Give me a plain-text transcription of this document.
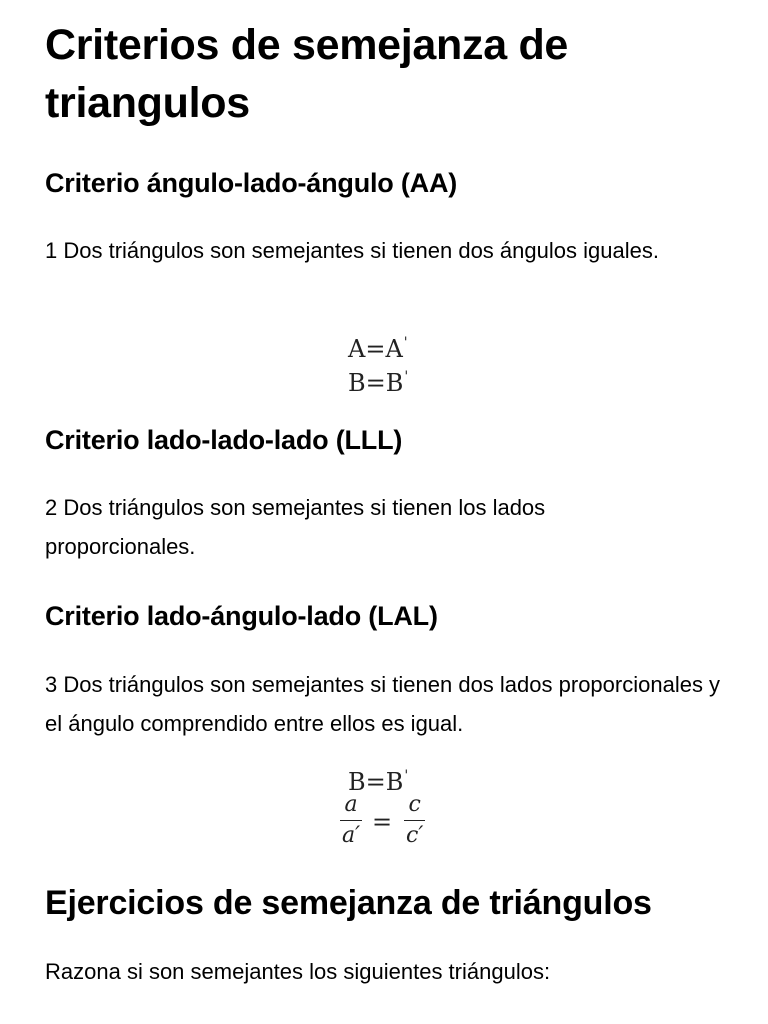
Criterios de semejanza de triangulos
Criterio ángulo-lado-ángulo (AA)

1 Dos triángulos son semejantes si tienen dos ángulos iguales.

A=A'
B=B'
Criterio lado-lado-lado (LLL)

2 Dos triángulos son semejantes si tienen los lados proporcionales.

Criterio lado-ángulo-lado (LAL)

3 Dos triángulos son semejantes si tienen dos lados proporcionales y el ángulo comprendido entre ellos es igual.

B=B'
a
a′ =
c
c′
Ejercicios de semejanza de triángulos

Razona si son semejantes los siguientes triángulos:
